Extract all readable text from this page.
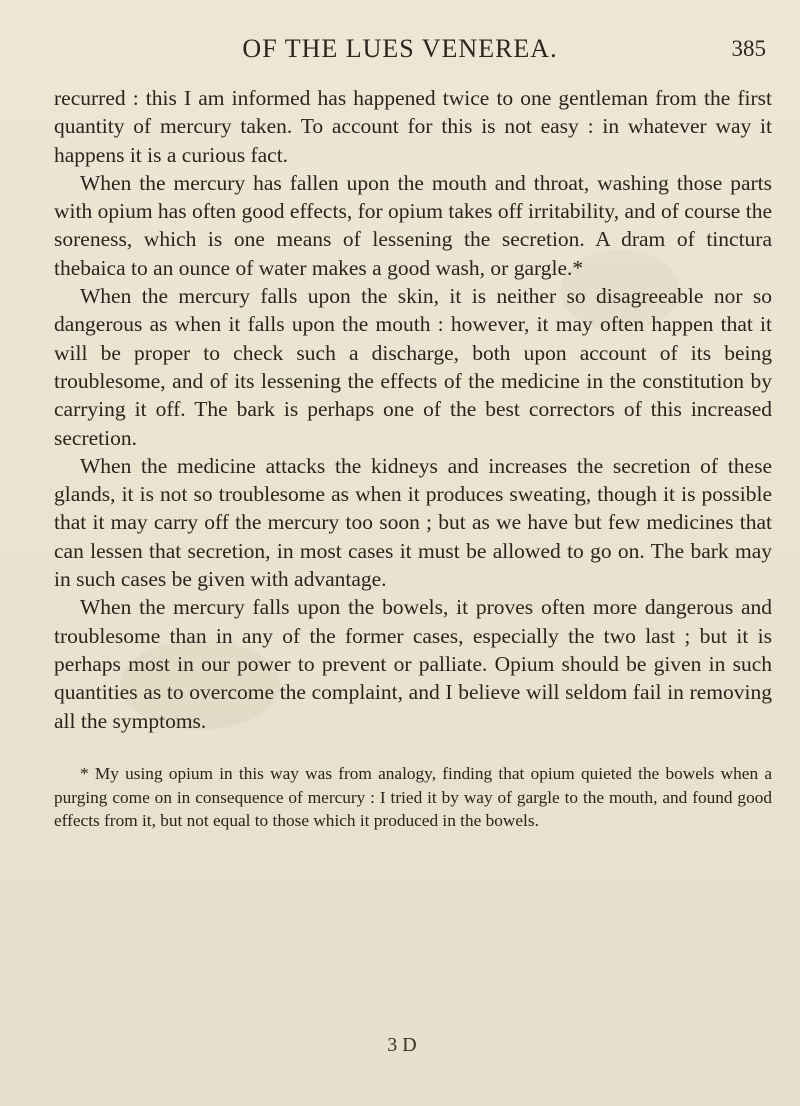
OF THE LUES VENEREA.	385

recurred : this I am informed has happened twice to one gentleman from the first quantity of mercury taken. To account for this is not easy : in whatever way it happens it is a curious fact.

When the mercury has fallen upon the mouth and throat, washing those parts with opium has often good effects, for opium takes off irritability, and of course the soreness, which is one means of lessening the secretion. A dram of tinctura thebaica to an ounce of water makes a good wash, or gargle.*

When the mercury falls upon the skin, it is neither so disagreeable nor so dangerous as when it falls upon the mouth : however, it may often happen that it will be proper to check such a discharge, both upon account of its being troublesome, and of its lessening the effects of the medicine in the constitution by carrying it off. The bark is perhaps one of the best correctors of this increased secretion.

When the medicine attacks the kidneys and increases the secretion of these glands, it is not so troublesome as when it produces sweating, though it is possible that it may carry off the mercury too soon ; but as we have but few medicines that can lessen that secretion, in most cases it must be allowed to go on. The bark may in such cases be given with advantage.

When the mercury falls upon the bowels, it proves often more dangerous and troublesome than in any of the former cases, especially the two last ; but it is perhaps most in our power to prevent or palliate. Opium should be given in such quantities as to overcome the complaint, and I believe will seldom fail in removing all the symptoms.

* My using opium in this way was from analogy, finding that opium quieted the bowels when a purging come on in consequence of mercury : I tried it by way of gargle to the mouth, and found good effects from it, but not equal to those which it produced in the bowels.

3 D
